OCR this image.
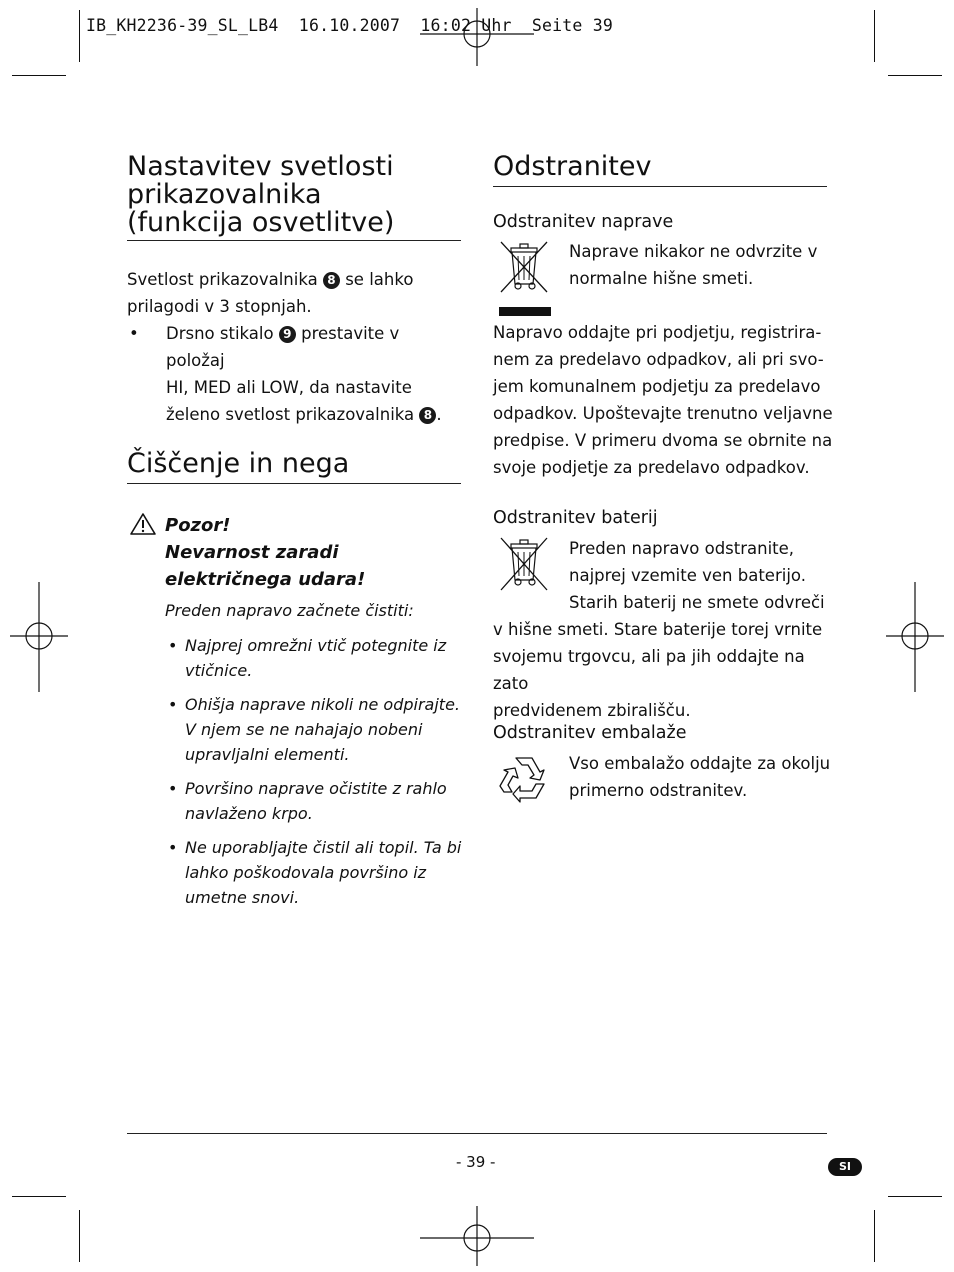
IB_KH2236-39_SL_LB4  16.10.2007  16:02 Uhr  Seite 39
Nastavitev svetlosti
prikazovalnika
(funkcija osvetlitve)
Svetlost prikazovalnika 8 se lahko
prilagodi v 3 stopnjah.
• Drsno stikalo 9 prestavite v položaj
HI, MED ali LOW, da nastavite
želeno svetlost prikazovalnika 8 .
Čiščenje in nega
Pozor!
Nevarnost zaradi
električnega udara!
Preden napravo začnete čistiti:
• Najprej omrežni vtič potegnite iz
vtičnice.
• Ohišja naprave nikoli ne odpirajte.
V njem se ne nahajajo nobeni
upravljalni elementi.
• Površino naprave očistite z rahlo
navlaženo krpo.
• Ne uporabljajte čistil ali topil. Ta bi
lahko poškodovala površino iz
umetne snovi.
Odstranitev
Odstranitev naprave
Naprave nikakor ne odvrzite v
normalne hišne smeti.
Napravo oddajte pri podjetju, registrira-
nem za predelavo odpadkov, ali pri svo-
jem komunalnem podjetju za predelavo
odpadkov. Upoštevajte trenutno veljavne
predpise. V primeru dvoma se obrnite na
svoje podjetje za predelavo odpadkov.
Odstranitev baterij
Preden napravo odstranite,
najprej vzemite ven baterijo.
Starih baterij ne smete odvreči
v hišne smeti. Stare baterije torej vrnite
svojemu trgovcu, ali pa jih oddajte na zato
predvidenem zbirališču.
Odstranitev embalaže
Vso embalažo oddajte za okolju
primerno odstranitev.
- 39 -	SI
